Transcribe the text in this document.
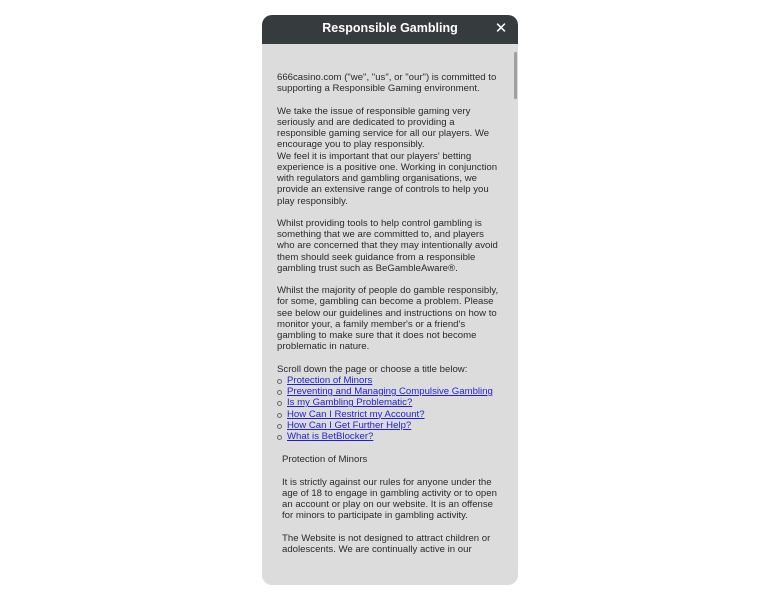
Responsible Gambling	✕

666casino.com ("we", "us", or "our") is committed to supporting a Responsible Gaming environment.

We take the issue of responsible gaming very seriously and are dedicated to providing a responsible gaming service for all our players. We encourage you to play responsibly.

We feel it is important that our players' betting experience is a positive one. Working in conjunction with regulators and gambling organisations, we provide an extensive range of controls to help you play responsibly.

Whilst providing tools to help control gambling is something that we are committed to, and players who are concerned that they may intentionally avoid them should seek guidance from a responsible gambling trust such as BeGambleAware®.

Whilst the majority of people do gamble responsibly, for some, gambling can become a problem. Please see below our guidelines and instructions on how to monitor your, a family member's or a friend's gambling to make sure that it does not become problematic in nature.

Scroll down the page or choose a title below:

Protection of Minors
Preventing and Managing Compulsive Gambling
Is my Gambling Problematic?
How Can I Restrict my Account?
How Can I Get Further Help?
What is BetBlocker?

Protection of Minors

It is strictly against our rules for anyone under the age of 18 to engage in gambling activity or to open an account or play on our website. It is an offense for minors to participate in gambling activity.

The Website is not designed to attract children or adolescents. We are continually active in our
